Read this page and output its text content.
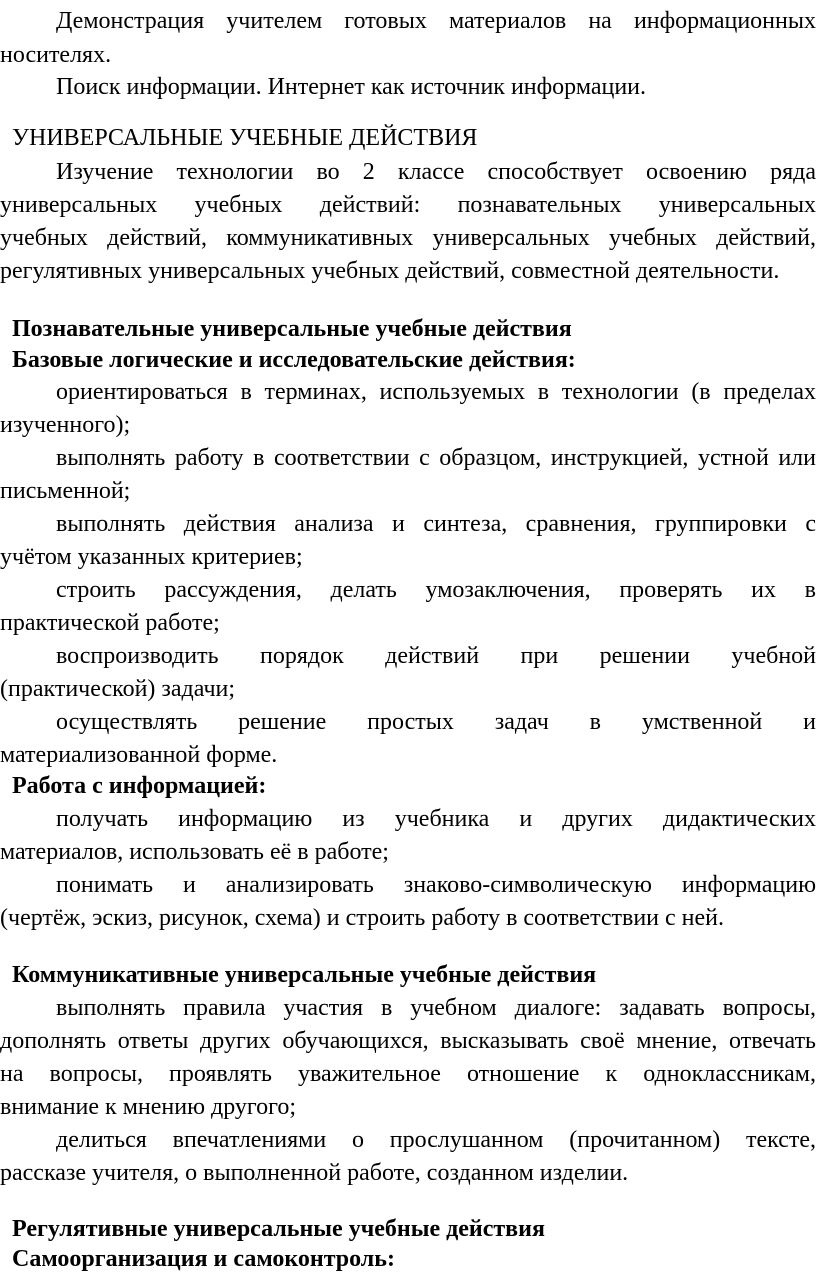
Демонстрация учителем готовых материалов на информационных
носителях.
Поиск информации. Интернет как источник информации.
УНИВЕРСАЛЬНЫЕ УЧЕБНЫЕ ДЕЙСТВИЯ
Изучение технологии во 2 классе способствует освоению ряда
универсальных учебных действий: познавательных универсальных
учебных действий, коммуникативных универсальных учебных действий,
регулятивных универсальных учебных действий, совместной деятельности.
Познавательные универсальные учебные действия
Базовые логические и исследовательские действия:
ориентироваться в терминах, используемых в технологии (в пределах
изученного);
выполнять работу в соответствии с образцом, инструкцией, устной или
письменной;
выполнять действия анализа и синтеза, сравнения, группировки с
учётом указанных критериев;
строить рассуждения, делать умозаключения, проверять их в
практической работе;
воспроизводить порядок действий при решении учебной
(практической) задачи;
осуществлять решение простых задач в умственной и
материализованной форме.
Работа с информацией:
получать информацию из учебника и других дидактических
материалов, использовать её в работе;
понимать и анализировать знаково-символическую информацию
(чертёж, эскиз, рисунок, схема) и строить работу в соответствии с ней.
Коммуникативные универсальные учебные действия
выполнять правила участия в учебном диалоге: задавать вопросы,
дополнять ответы других обучающихся, высказывать своё мнение, отвечать
на вопросы, проявлять уважительное отношение к одноклассникам,
внимание к мнению другого;
делиться впечатлениями о прослушанном (прочитанном) тексте,
рассказе учителя, о выполненной работе, созданном изделии.
Регулятивные универсальные учебные действия
Самоорганизация и самоконтроль:
